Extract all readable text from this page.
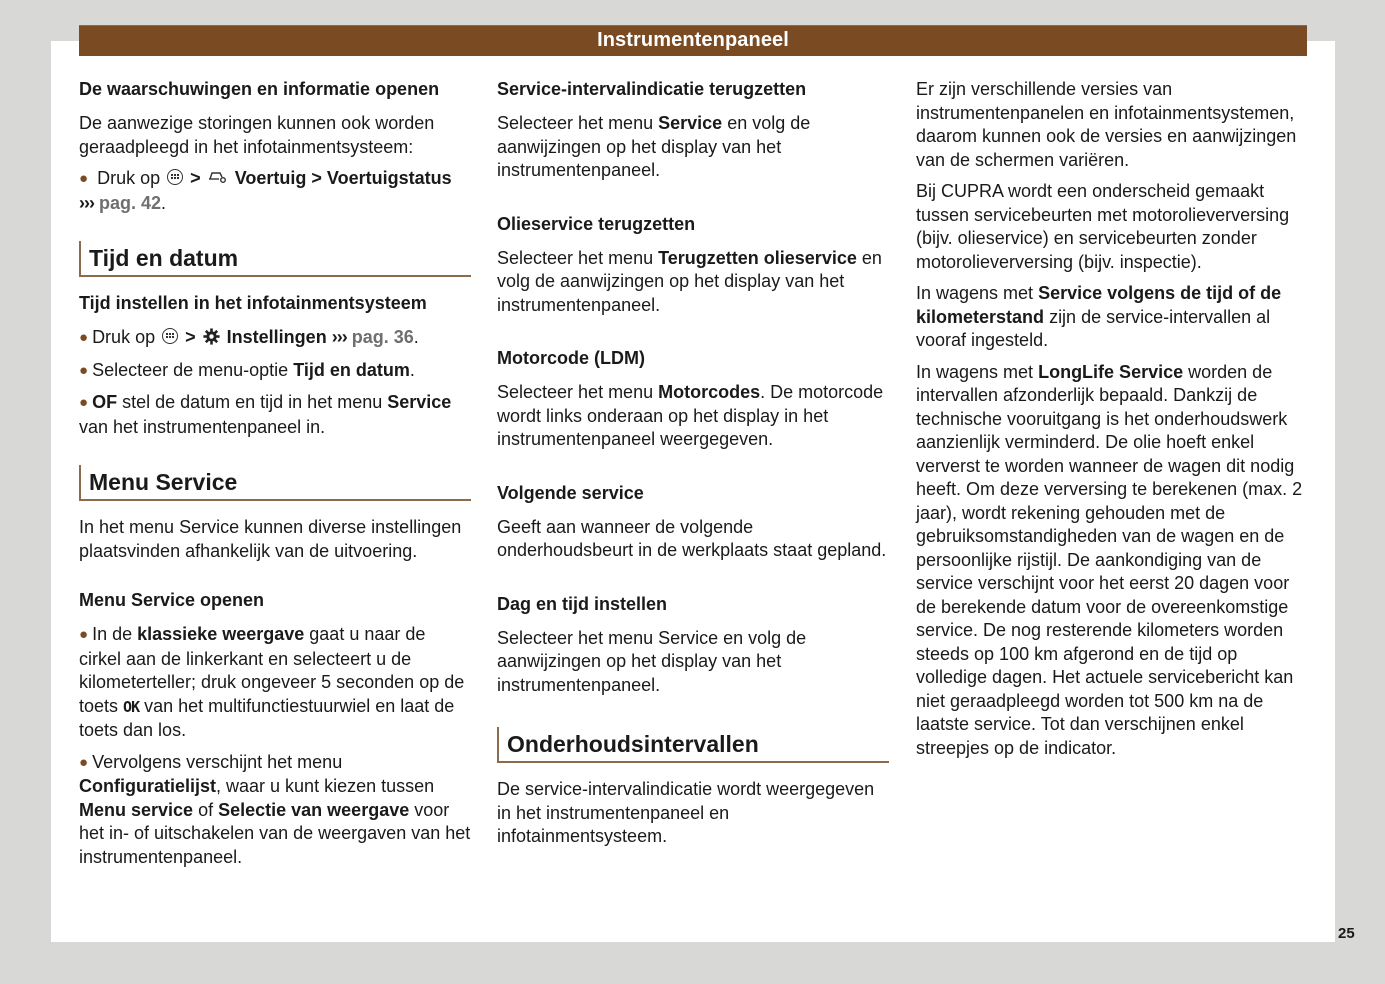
Instrumentenpaneel
De waarschuwingen en informatie openen

De aanwezige storingen kunnen ook worden geraadpleegd in het infotainmentsysteem:

● Druk op > Voertuig > Voertuigstatus
››› pag. 42.

Tijd en datum
Tijd instellen in het infotainmentsysteem

● Druk op > Instellingen ››› pag. 36.

● Selecteer de menu-optie Tijd en datum.

● OF stel de datum en tijd in het menu Service van het instrumentenpaneel in.

Menu Service

In het menu Service kunnen diverse instellingen plaatsvinden afhankelijk van de uitvoering.

Menu Service openen

● In de klassieke weergave gaat u naar de cirkel aan de linkerkant en selecteert u de kilometerteller; druk ongeveer 5 seconden op de toets OK van het multifunctiestuurwiel en laat de toets dan los.

● Vervolgens verschijnt het menu Configuratielijst, waar u kunt kiezen tussen Menu service of Selectie van weergave voor het in- of uitschakelen van de weergaven van het instrumentenpaneel.

Service-intervalindicatie terugzetten

Selecteer het menu Service en volg de aanwijzingen op het display van het instrumentenpaneel.

Olieservice terugzetten

Selecteer het menu Terugzetten olieservice en volg de aanwijzingen op het display van het instrumentenpaneel.

Motorcode (LDM)

Selecteer het menu Motorcodes. De motorcode wordt links onderaan op het display in het instrumentenpaneel weergegeven.

Volgende service

Geeft aan wanneer de volgende onderhoudsbeurt in de werkplaats staat gepland.

Dag en tijd instellen

Selecteer het menu Service en volg de aanwijzingen op het display van het instrumentenpaneel.

Onderhoudsintervallen

De service-intervalindicatie wordt weergegeven in het instrumentenpaneel en infotainmentsysteem.

Er zijn verschillende versies van instrumentenpanelen en infotainmentsystemen, daarom kunnen ook de versies en aanwijzingen van de schermen variëren.

Bij CUPRA wordt een onderscheid gemaakt tussen servicebeurten met motorolieverversing (bijv. olieservice) en servicebeurten zonder motorolieverversing (bijv. inspectie).

In wagens met Service volgens de tijd of de kilometerstand zijn de service-intervallen al vooraf ingesteld.

In wagens met LongLife Service worden de intervallen afzonderlijk bepaald. Dankzij de technische vooruitgang is het onderhoudswerk aanzienlijk verminderd. De olie hoeft enkel ververst te worden wanneer de wagen dit nodig heeft. Om deze verversing te berekenen (max. 2 jaar), wordt rekening gehouden met de gebruiksomstandigheden van de wagen en de persoonlijke rijstijl. De aankondiging van de service verschijnt voor het eerst 20 dagen voor de berekende datum voor de overeenkomstige service. De nog resterende kilometers worden steeds op 100 km afgerond en de tijd op volledige dagen. Het actuele servicebericht kan niet geraadpleegd worden tot 500 km na de laatste service. Tot dan verschijnen enkel streepjes op de indicator.

25
